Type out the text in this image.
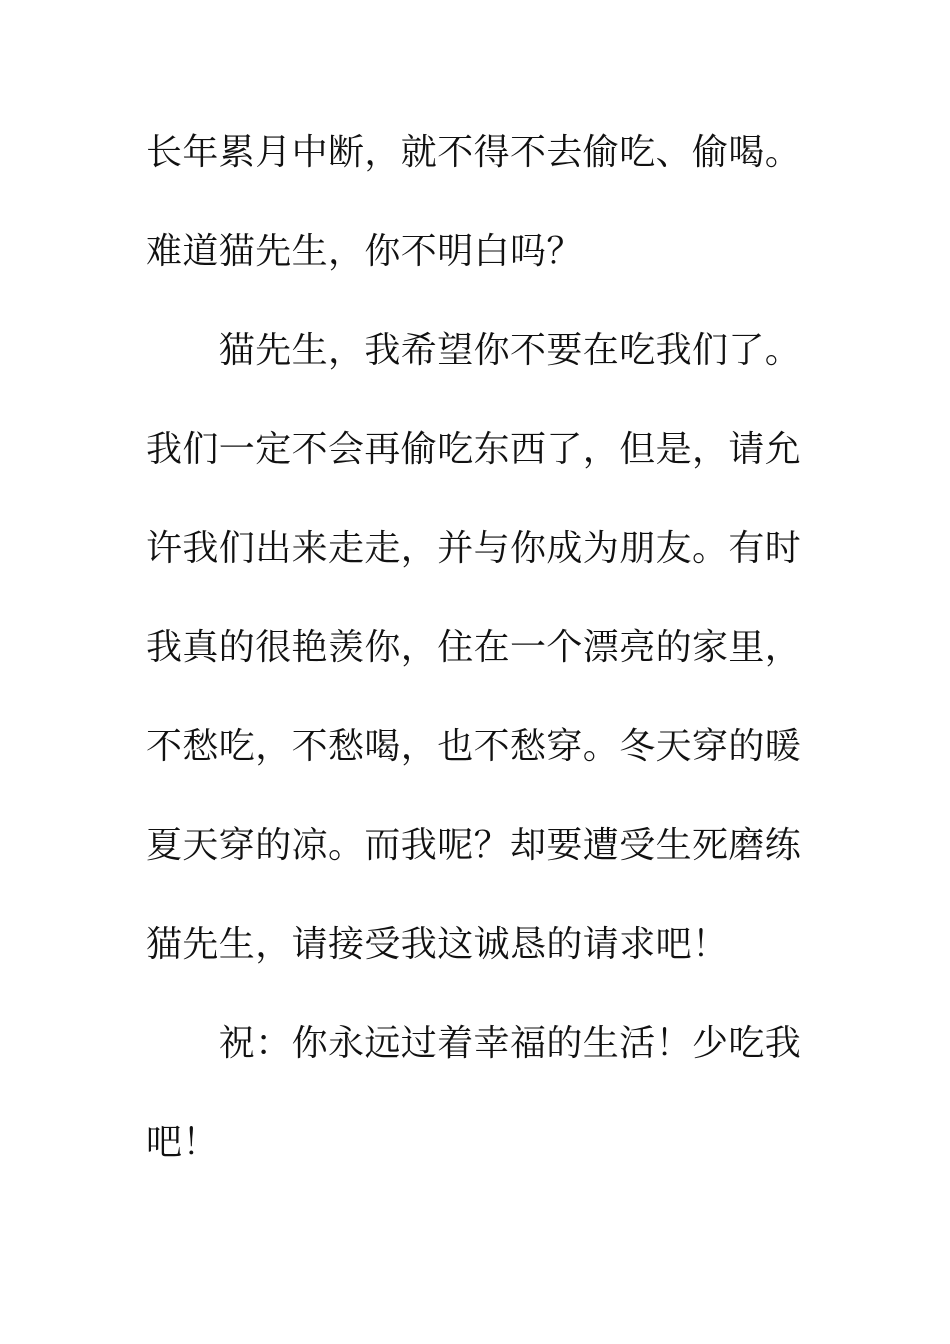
长年累月中断，就不得不去偷吃、偷喝。
难道猫先生，你不明白吗？
　　猫先生，我希望你不要在吃我们了。
我们一定不会再偷吃东西了，但是，请允
许我们出来走走，并与你成为朋友。有时
我真的很艳羡你，住在一个漂亮的家里，
不愁吃，不愁喝，也不愁穿。冬天穿的暖
夏天穿的凉。而我呢？却要遭受生死磨练
猫先生，请接受我这诚恳的请求吧！
　　祝：你永远过着幸福的生活！少吃我
吧！
